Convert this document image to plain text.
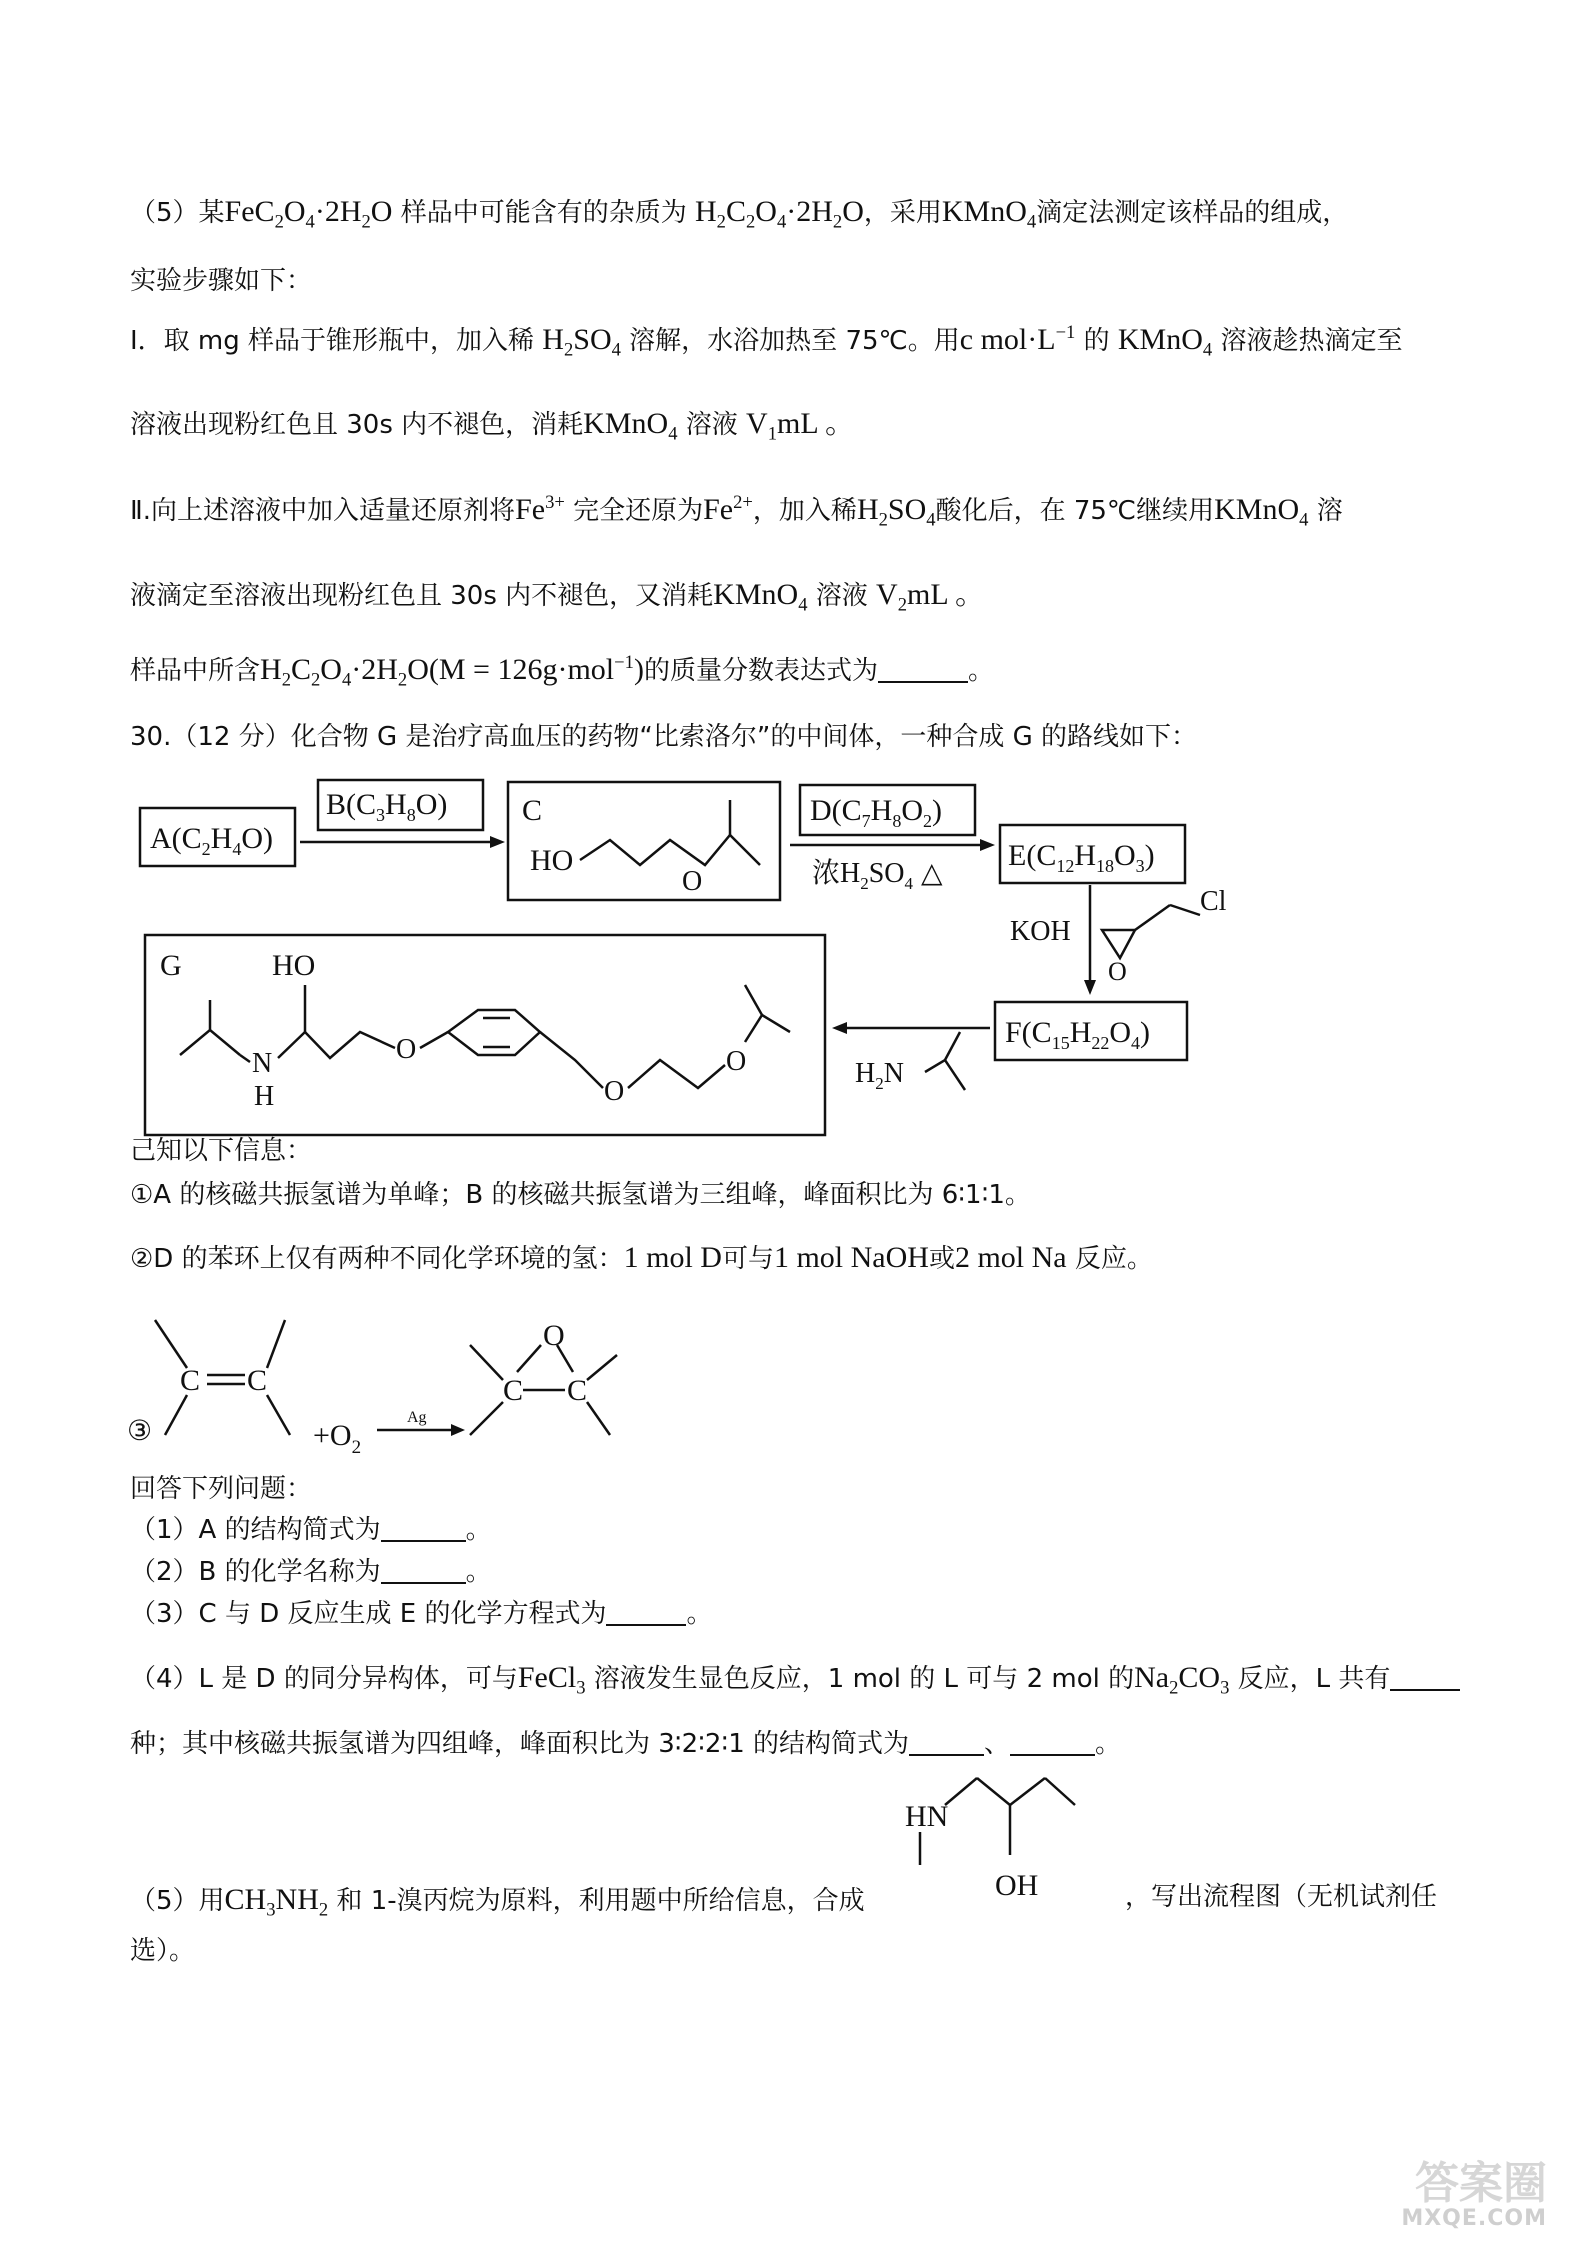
（5）某$FeC_2O_4\cdot 2H_2O$ 样品中可能含有的杂质为 $H_2C_2O_4\cdot 2H_2O$，采用KMnO$_4$滴定法测定该样品的组成，
实验步骤如下：
I．取 mg 样品于锥形瓶中，加入稀 $H_2SO_4$ 溶解，水浴加热至 75℃。用c $mol\cdot L^{-1}$ 的 KMnO$_4$ 溶液趁热滴定至
溶液出现粉红色且 30s 内不褪色，消耗KMnO$_4$ 溶液 $V_1mL$ 。
Ⅱ.向上述溶液中加入适量还原剂将$Fe^{3+}$ 完全还原为$Fe^{2+}$，加入稀$H_2SO_4$酸化后，在 75℃继续用KMnO$_4$ 溶
液滴定至溶液出现粉红色且 30s 内不褪色，又消耗KMnO$_4$ 溶液 $V_2mL$ 。
样品中所含$H_2C_2O_4\cdot 2H_2O(M = 126g\cdot mol^{-1})$的质量分数表达式为	。
30.（12 分）化合物 G 是治疗高血压的药物“比索洛尔”的中间体，一种合成 G 的路线如下：
$A(C_2H_4O)$
$B(C_3H_8O)$ C
HO
O
$D(C_7H_8O_2)$
浓$H_2SO_4$ △
$E(C_{12}H_{18}O_3)$
KOH
O
Cl
$F(C_{15}H_{22}O_4)$
$H_2N$
G	HO
N
H
O
O
O
己知以下信息：
①A 的核磁共振氢谱为单峰；B 的核磁共振氢谱为三组峰，峰面积比为 6∶1∶1。
②D 的苯环上仅有两种不同化学环境的氢：1 mol D可与1 mol NaOH或2 mol Na 反应。
③
C C
$+O_2$
Ag
C C
O
回答下列问题：
（1）A 的结构简式为	。
（2）B 的化学名称为	。
（3）C 与 D 反应生成 E 的化学方程式为	。
（4）L 是 D 的同分异构体，可与FeCl$_3$ 溶液发生显色反应，1 mol 的 L 可与 2 mol 的$Na_2CO_3$ 反应，L 共有
种；其中核磁共振氢谱为四组峰，峰面积比为 3∶2∶2∶1 的结构简式为	、	。
HN
OH
（5）用$CH_3NH_2$ 和 1-溴丙烷为原料，利用题中所给信息，合成	，写出流程图（无机试剂任
选）。
答案圈
MXQE.COM
